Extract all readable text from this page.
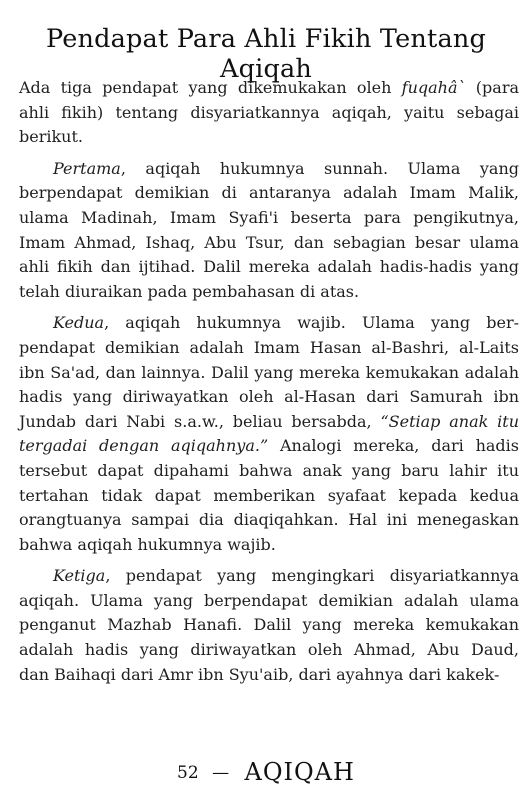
Pendapat Para Ahli Fikih Tentang Aqiqah
Ada tiga pendapat yang dikemukakan oleh fuqahâ` (para
ahli fikih) tentang disyariatkannya aqiqah, yaitu sebagai
berikut.
Pertama, aqiqah hukumnya sunnah. Ulama yang
berpendapat demikian di antaranya adalah Imam Malik,
ulama Madinah, Imam Syafi'i beserta para pengikutnya,
Imam Ahmad, Ishaq, Abu Tsur, dan sebagian besar ulama
ahli fikih dan ijtihad. Dalil mereka adalah hadis-hadis yang
telah diuraikan pada pembahasan di atas.
Kedua, aqiqah hukumnya wajib. Ulama yang ber-
pendapat demikian adalah Imam Hasan al-Bashri, al-Laits
ibn Sa'ad, dan lainnya. Dalil yang mereka kemukakan adalah
hadis yang diriwayatkan oleh al-Hasan dari Samurah ibn
Jundab dari Nabi s.a.w., beliau bersabda, “Setiap anak itu
tergadai dengan aqiqahnya.” Analogi mereka, dari hadis
tersebut dapat dipahami bahwa anak yang baru lahir itu
tertahan tidak dapat memberikan syafaat kepada kedua
orangtuanya sampai dia diaqiqahkan. Hal ini menegaskan
bahwa aqiqah hukumnya wajib.
Ketiga, pendapat yang mengingkari disyariatkannya
aqiqah. Ulama yang berpendapat demikian adalah ulama
penganut Mazhab Hanafi. Dalil yang mereka kemukakan
adalah hadis yang diriwayatkan oleh Ahmad, Abu Daud,
dan Baihaqi dari Amr ibn Syu'aib, dari ayahnya dari kakek-
52 — AQIQAH
